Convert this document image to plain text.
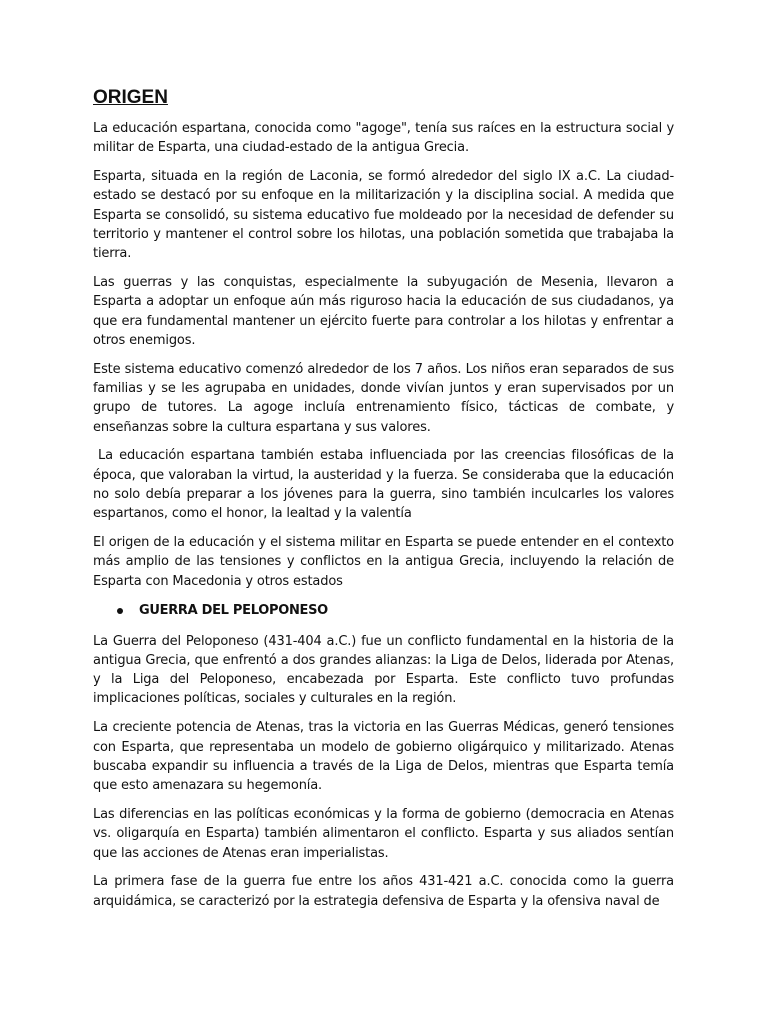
ORIGEN

La educación espartana, conocida como "agoge", tenía sus raíces en la estructura social y militar de Esparta, una ciudad-estado de la antigua Grecia.

Esparta, situada en la región de Laconia, se formó alrededor del siglo IX a.C. La ciudad-estado se destacó por su enfoque en la militarización y la disciplina social. A medida que Esparta se consolidó, su sistema educativo fue moldeado por la necesidad de defender su territorio y mantener el control sobre los hilotas, una población sometida que trabajaba la tierra.

Las guerras y las conquistas, especialmente la subyugación de Mesenia, llevaron a Esparta a adoptar un enfoque aún más riguroso hacia la educación de sus ciudadanos, ya que era fundamental mantener un ejército fuerte para controlar a los hilotas y enfrentar a otros enemigos.

Este sistema educativo comenzó alrededor de los 7 años. Los niños eran separados de sus familias y se les agrupaba en unidades, donde vivían juntos y eran supervisados por un grupo de tutores. La agoge incluía entrenamiento físico, tácticas de combate, y enseñanzas sobre la cultura espartana y sus valores.

La educación espartana también estaba influenciada por las creencias filosóficas de la época, que valoraban la virtud, la austeridad y la fuerza. Se consideraba que la educación no solo debía preparar a los jóvenes para la guerra, sino también inculcarles los valores espartanos, como el honor, la lealtad y la valentía

El origen de la educación y el sistema militar en Esparta se puede entender en el contexto más amplio de las tensiones y conflictos en la antigua Grecia, incluyendo la relación de Esparta con Macedonia y otros estados

GUERRA DEL PELOPONESO

La Guerra del Peloponeso (431-404 a.C.) fue un conflicto fundamental en la historia de la antigua Grecia, que enfrentó a dos grandes alianzas: la Liga de Delos, liderada por Atenas, y la Liga del Peloponeso, encabezada por Esparta. Este conflicto tuvo profundas implicaciones políticas, sociales y culturales en la región.

La creciente potencia de Atenas, tras la victoria en las Guerras Médicas, generó tensiones con Esparta, que representaba un modelo de gobierno oligárquico y militarizado. Atenas buscaba expandir su influencia a través de la Liga de Delos, mientras que Esparta temía que esto amenazara su hegemonía.

Las diferencias en las políticas económicas y la forma de gobierno (democracia en Atenas vs. oligarquía en Esparta) también alimentaron el conflicto. Esparta y sus aliados sentían que las acciones de Atenas eran imperialistas.

La primera fase de la guerra fue entre los años 431-421 a.C. conocida como la guerra arquidámica, se caracterizó por la estrategia defensiva de Esparta y la ofensiva naval de
